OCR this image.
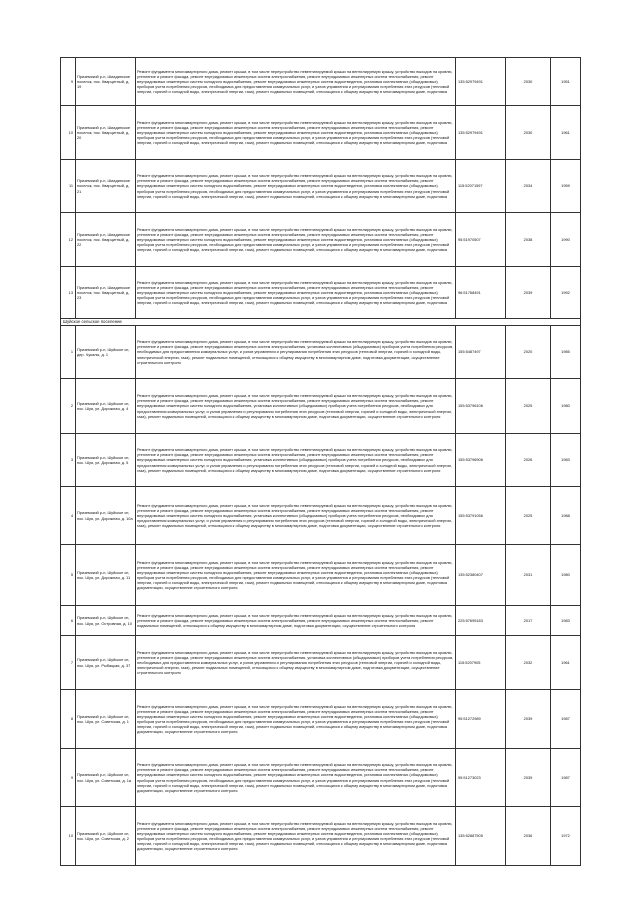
9	Приземский р-н, Шиадинское поселок, пос. Кварцитный, д. 19	Ремонт фундамента многоквартирного дома, ремонт крыши, в том числе переустройство невентилируемой крыши на вентилируемую крышу, устройство выходов на кровлю, утепление и ремонт фасада, ремонт внутридомовых инженерных систем электроснабжения, ремонт внутридомовых инженерных систем теплоснабжения, ремонт внутридомовых инженерных систем холодного водоснабжения, ремонт внутридомовых инженерных систем водоотведения, установка коллективных (общедомовых) приборов учета потребления ресурсов, необходимых для предоставления коммунальных услуг, и узлов управления и регулирования потребления этих ресурсов (тепловой энергии, горячей и холодной воды, электрической энергии, газа), ремонт подвальных помещений, относящихся к общему имуществу в многоквартирном доме, подготовка	135:52979491	2030	1951
10	Приземский р-н, Шиадинское поселок, пос. Кварцитный, д. 20	Ремонт фундамента многоквартирного дома, ремонт крыши, в том числе переустройство невентилируемой крыши на вентилируемую крышу, устройство выходов на кровлю, утепление и ремонт фасада, ремонт внутридомовых инженерных систем электроснабжения, ремонт внутридомовых инженерных систем теплоснабжения, ремонт внутридомовых инженерных систем холодного водоснабжения, ремонт внутридомовых инженерных систем водоотведения, установка коллективных (общедомовых) приборов учета потребления ресурсов, необходимых для предоставления коммунальных услуг, и узлов управления и регулирования потребления этих ресурсов (тепловой энергии, горячей и холодной воды, электрической энергии, газа), ремонт подвальных помещений, относящихся к общему имуществу в многоквартирном доме, подготовка	135:52979491	2030	1961
11	Приземский р-н, Шиадинское поселок, пос. Кварцитный, д. 21	Ремонт фундамента многоквартирного дома, ремонт крыши, в том числе переустройство невентилируемой крыши на вентилируемую крышу, устройство выходов на кровлю, утепление и ремонт фасада, ремонт внутридомовых инженерных систем электроснабжения, ремонт внутридомовых инженерных систем теплоснабжения, ремонт внутридомовых инженерных систем холодного водоснабжения, ремонт внутридомовых инженерных систем водоотведения, установка коллективных (общедомовых) приборов учета потребления ресурсов, необходимых для предоставления коммунальных услуг, и узлов управления и регулирования потребления этих ресурсов (тепловой энергии, горячей и холодной воды, электрической энергии, газа), ремонт подвальных помещений, относящихся к общему имуществу в многоквартирном доме, подготовка	115:52071597	2034	1959
12	Приземский р-н, Шиадинское поселок, пос. Кварцитный, д. 22	Ремонт фундамента многоквартирного дома, ремонт крыши, в том числе переустройство невентилируемой крыши на вентилируемую крышу, устройство выходов на кровлю, утепление и ремонт фасада, ремонт внутридомовых инженерных систем электроснабжения, ремонт внутридомовых инженерных систем теплоснабжения, ремонт внутридомовых инженерных систем холодного водоснабжения, ремонт внутридомовых инженерных систем водоотведения, установка коллективных (общедомовых) приборов учета потребления ресурсов, необходимых для предоставления коммунальных услуг, и узлов управления и регулирования потребления этих ресурсов (тепловой энергии, горячей и холодной воды, электрической энергии, газа), ремонт подвальных помещений, относящихся к общему имуществу в многоквартирном доме, подготовка	95:51970507	2038	1990
13	Приземский р-н, Шиадинское поселок, пос. Кварцитный, д. 23	Ремонт фундамента многоквартирного дома, ремонт крыши, в том числе переустройство невентилируемой крыши на вентилируемую крышу, устройство выходов на кровлю, утепление и ремонт фасада, ремонт внутридомовых инженерных систем электроснабжения, ремонт внутридомовых инженерных систем теплоснабжения, ремонт внутридомовых инженерных систем холодного водоснабжения, ремонт внутридомовых инженерных систем водоотведения, установка коллективных (общедомовых) приборов учета потребления ресурсов, необходимых для предоставления коммунальных услуг, и узлов управления и регулирования потребления этих ресурсов (тепловой энергии, горячей и холодной воды, электрической энергии, газа), ремонт подвальных помещений, относящихся к общему имуществу в многоквартирном доме, подготовка	96:51768491	2039	1992
Шуйское сельское поселение					
1	Приземский р-н, Шуйское сп, дер. Чукалы, д. 1	Ремонт фундамента многоквартирного дома, ремонт крыши, в том числе переустройство невентилируемой крыши на вентилируемую крышу, устройство выходов на кровлю, утепление и ремонт фасада, ремонт внутридомовых инженерных систем электроснабжения, установка коллективных (общедомовых) приборов учета потребления ресурсов, необходимых для предоставления коммунальных услуг, и узлов управления и регулирования потребления этих ресурсов (тепловой энергии, горячей и холодной воды, электрической энергии, газа), ремонт подвальных помещений, относящихся к общему имуществу в многоквартирном доме, подготовка документации, осуществление строительного контроля	155:5487497	2020	1985
2	Приземский р-н, Шуйское сп, пос. Шуя, ул. Дорожная, д. 4	Ремонт фундамента многоквартирного дома, ремонт крыши, в том числе переустройство невентилируемой крыши на вентилируемую крышу, устройство выходов на кровлю, утепление и ремонт фасада, ремонт внутридомовых инженерных систем электроснабжения, ремонт внутридомовых инженерных систем теплоснабжения, ремонт внутридомовых инженерных систем холодного водоснабжения, установка коллективных (общедомовых) приборов учета потребления ресурсов, необходимых для предоставления коммунальных услуг, и узлов управления и регулирования потребления этих ресурсов (тепловой энергии, горячей и холодной воды, электрической энергии, газа), ремонт подвальных помещений, относящихся к общему имуществу в многоквартирном доме, подготовка документации, осуществление строительного контроля	155:53796106	2025	1980
3	Приземский р-н, Шуйское сп, пос. Шуя, ул. Дорожная, д. 5	Ремонт фундамента многоквартирного дома, ремонт крыши, в том числе переустройство невентилируемой крыши на вентилируемую крышу, устройство выходов на кровлю, утепление и ремонт фасада, ремонт внутридомовых инженерных систем электроснабжения, ремонт внутридомовых инженерных систем теплоснабжения, ремонт внутридомовых инженерных систем холодного водоснабжения, установка коллективных (общедомовых) приборов учета потребления ресурсов, необходимых для предоставления коммунальных услуг, и узлов управления и регулирования потребления этих ресурсов (тепловой энергии, горячей и холодной воды, электрической энергии, газа), ремонт подвальных помещений, относящихся к общему имуществу в многоквартирном доме, подготовка документации, осуществление строительного контроля	155:53796906	2026	1983
4	Приземский р-н, Шуйское сп, пос. Шуя, ул. Дорожная, д. 10а	Ремонт фундамента многоквартирного дома, ремонт крыши, в том числе переустройство невентилируемой крыши на вентилируемую крышу, устройство выходов на кровлю, утепление и ремонт фасада, ремонт внутридомовых инженерных систем электроснабжения, ремонт внутридомовых инженерных систем теплоснабжения, ремонт внутридомовых инженерных систем холодного водоснабжения, установка коллективных (общедомовых) приборов учета потребления ресурсов, необходимых для предоставления коммунальных услуг, и узлов управления и регулирования потребления этих ресурсов (тепловой энергии, горячей и холодной воды, электрической энергии, газа), ремонт подвальных помещений, относящихся к общему имуществу в многоквартирном доме, подготовка документации, осуществление строительного контроля	155:53791056	2025	1988
5	Приземский р-н, Шуйское сп, пос. Шуя, ул. Дорожная, д. 11	Ремонт фундамента многоквартирного дома, ремонт крыши, в том числе переустройство невентилируемой крыши на вентилируемую крышу, устройство выходов на кровлю, утепление и ремонт фасада, ремонт внутридомовых инженерных систем электроснабжения, ремонт внутридомовых инженерных систем теплоснабжения, ремонт внутридомовых инженерных систем холодного водоснабжения, ремонт внутридомовых инженерных систем водоотведения, установка коллективных (общедомовых) приборов учета потребления ресурсов, необходимых для предоставления коммунальных услуг, и узлов управления и регулирования потребления этих ресурсов (тепловой энергии, горячей и холодной воды, электрической энергии, газа), ремонт подвальных помещений, относящихся к общему имуществу в многоквартирном доме, подготовка документации, осуществление строительного контроля	135:52380407	2031	1980
6	Приземский р-н, Шуйское сп, пос. Шуя, ул. Островная, д. 10	Ремонт фундамента многоквартирного дома, ремонт крыши, в том числе переустройство невентилируемой крыши на вентилируемую крышу, устройство выходов на кровлю, утепление и ремонт фасада, ремонт внутридомовых инженерных систем электроснабжения, ремонт внутридомовых инженерных систем теплоснабжения, ремонт подвальных помещений, относящихся к общему имуществу в многоквартирном доме, подготовка документации, осуществление строительного контроля	225:57695183	2017	1983
7	Приземский р-н, Шуйское сп, пос. Шуя, ул. Рыбацкая, д. 37	Ремонт фундамента многоквартирного дома, ремонт крыши, в том числе переустройство невентилируемой крыши на вентилируемую крышу, устройство выходов на кровлю, утепление и ремонт фасада, ремонт внутридомовых инженерных систем электроснабжения, установка коллективных (общедомовых) приборов учета потребления ресурсов, необходимых для предоставления коммунальных услуг, и узлов управления и регулирования потребления этих ресурсов (тепловой энергии, горячей и холодной воды, электрической энергии, газа), ремонт подвальных помещений, относящихся к общему имуществу в многоквартирном доме, подготовка документации, осуществление строительного контроля	115:5207905	2032	1961
8	Приземский р-н, Шуйское сп, пос. Шуя, ул. Советская, д. 1	Ремонт фундамента многоквартирного дома, ремонт крыши, в том числе переустройство невентилируемой крыши на вентилируемую крышу, устройство выходов на кровлю, утепление и ремонт фасада, ремонт внутридомовых инженерных систем электроснабжения, ремонт внутридомовых инженерных систем теплоснабжения, ремонт внутридомовых инженерных систем холодного водоснабжения, ремонт внутридомовых инженерных систем водоотведения, установка коллективных (общедомовых) приборов учета потребления ресурсов, необходимых для предоставления коммунальных услуг, и узлов управления и регулирования потребления этих ресурсов (тепловой энергии, горячей и холодной воды, электрической энергии, газа), ремонт подвальных помещений, относящихся к общему имуществу в многоквартирном доме, подготовка документации, осуществление строительного контроля	95:51272989	2039	1987
9	Приземский р-н, Шуйское сп, пос. Шуя, ул. Советская, д. 1а	Ремонт фундамента многоквартирного дома, ремонт крыши, в том числе переустройство невентилируемой крыши на вентилируемую крышу, устройство выходов на кровлю, утепление и ремонт фасада, ремонт внутридомовых инженерных систем электроснабжения, ремонт внутридомовых инженерных систем теплоснабжения, ремонт внутридомовых инженерных систем холодного водоснабжения, ремонт внутридомовых инженерных систем водоотведения, установка коллективных (общедомовых) приборов учета потребления ресурсов, необходимых для предоставления коммунальных услуг, и узлов управления и регулирования потребления этих ресурсов (тепловой энергии, горячей и холодной воды, электрической энергии, газа), ремонт подвальных помещений, относящихся к общему имуществу в многоквартирном доме, подготовка документации, осуществление строительного контроля	95:51273023	2039	1987
10	Приземский р-н, Шуйское сп, пос. Шуя, ул. Советская, д. 2	Ремонт фундамента многоквартирного дома, ремонт крыши, в том числе переустройство невентилируемой крыши на вентилируемую крышу, устройство выходов на кровлю, утепление и ремонт фасада, ремонт внутридомовых инженерных систем электроснабжения, ремонт внутридомовых инженерных систем теплоснабжения, ремонт внутридомовых инженерных систем холодного водоснабжения, ремонт внутридомовых инженерных систем водоотведения, установка коллективных (общедомовых) приборов учета потребления ресурсов, необходимых для предоставления коммунальных услуг, и узлов управления и регулирования потребления этих ресурсов (тепловой энергии, горячей и холодной воды, электрической энергии, газа), ремонт подвальных помещений, относящихся к общему имуществу в многоквартирном доме, подготовка документации, осуществление строительного контроля	135:52887505	2036	1972
